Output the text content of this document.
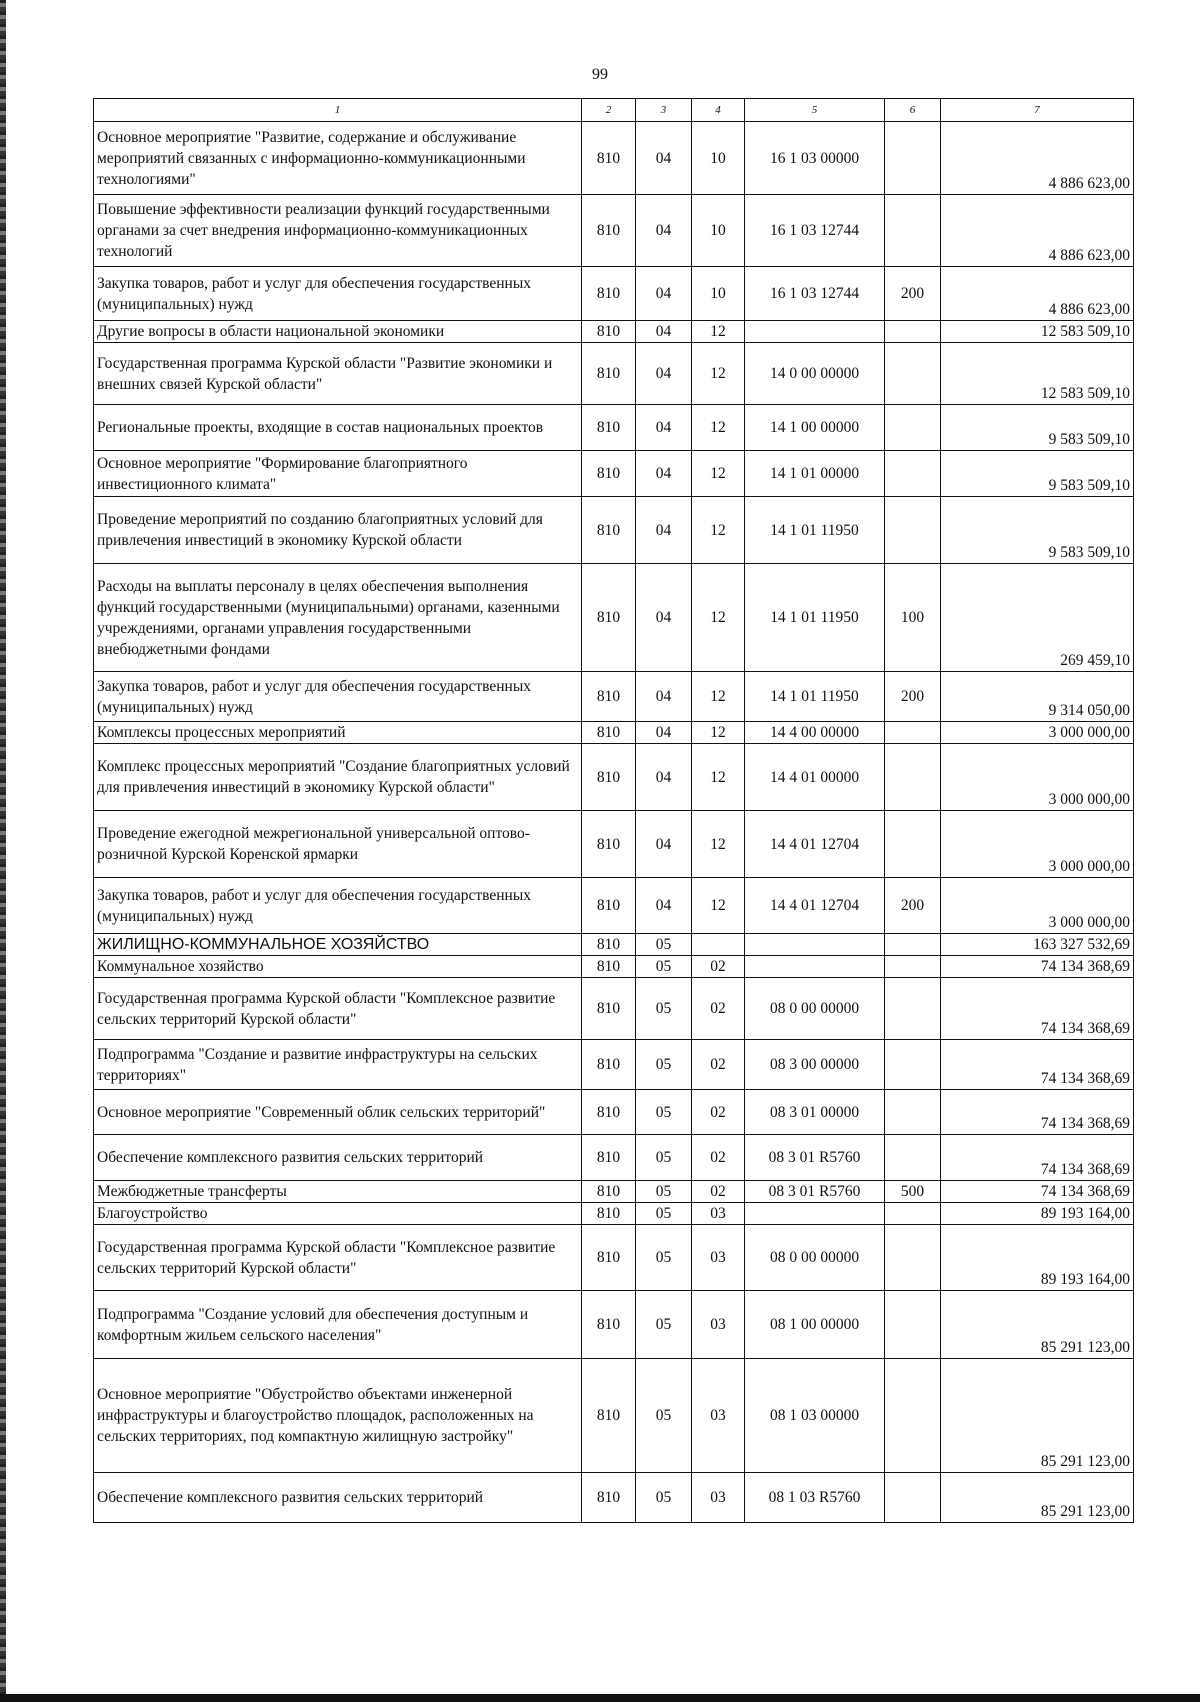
99
1	2	3	4	5	6	7
Основное мероприятие "Развитие, содержание и обслуживание мероприятий связанных с информационно-коммуникационными технологиями"	810	04	10	16 1 03 00000		4 886 623,00
Повышение эффективности реализации функций государственными органами за счет внедрения информационно-коммуникационных технологий	810	04	10	16 1 03 12744		4 886 623,00
Закупка товаров, работ и услуг для обеспечения государственных (муниципальных) нужд	810	04	10	16 1 03 12744	200	4 886 623,00
Другие вопросы в области национальной экономики	810	04	12			12 583 509,10
Государственная программа Курской области "Развитие экономики и внешних связей Курской области"	810	04	12	14 0 00 00000		12 583 509,10
Региональные проекты, входящие в состав национальных проектов	810	04	12	14 1 00 00000		9 583 509,10
Основное мероприятие "Формирование благоприятного инвестиционного климата"	810	04	12	14 1 01 00000		9 583 509,10
Проведение мероприятий по созданию благоприятных условий для привлечения инвестиций в экономику Курской области	810	04	12	14 1 01 11950		9 583 509,10
Расходы на выплаты персоналу в целях обеспечения выполнения функций государственными (муниципальными) органами, казенными учреждениями, органами управления государственными внебюджетными фондами	810	04	12	14 1 01 11950	100	269 459,10
Закупка товаров, работ и услуг для обеспечения государственных (муниципальных) нужд	810	04	12	14 1 01 11950	200	9 314 050,00
Комплексы процессных мероприятий	810	04	12	14 4 00 00000		3 000 000,00
Комплекс процессных мероприятий "Создание благоприятных условий для привлечения инвестиций в экономику Курской области"	810	04	12	14 4 01 00000		3 000 000,00
Проведение ежегодной межрегиональной универсальной оптово-розничной Курской Коренской ярмарки	810	04	12	14 4 01 12704		3 000 000,00
Закупка товаров, работ и услуг для обеспечения государственных (муниципальных) нужд	810	04	12	14 4 01 12704	200	3 000 000,00
ЖИЛИЩНО-КОММУНАЛЬНОЕ ХОЗЯЙСТВО	810	05				163 327 532,69
Коммунальное хозяйство	810	05	02			74 134 368,69
Государственная программа Курской области "Комплексное развитие сельских территорий Курской области"	810	05	02	08 0 00 00000		74 134 368,69
Подпрограмма "Создание и развитие инфраструктуры на сельских территориях"	810	05	02	08 3 00 00000		74 134 368,69
Основное мероприятие "Современный облик сельских территорий"	810	05	02	08 3 01 00000		74 134 368,69
Обеспечение комплексного развития сельских территорий	810	05	02	08 3 01 R5760		74 134 368,69
Межбюджетные трансферты	810	05	02	08 3 01 R5760	500	74 134 368,69
Благоустройство	810	05	03			89 193 164,00
Государственная программа Курской области "Комплексное развитие сельских территорий Курской области"	810	05	03	08 0 00 00000		89 193 164,00
Подпрограмма "Создание условий для обеспечения доступным и комфортным жильем сельского населения"	810	05	03	08 1 00 00000		85 291 123,00
Основное мероприятие "Обустройство объектами инженерной инфраструктуры и благоустройство площадок, расположенных на сельских территориях, под компактную жилищную застройку"	810	05	03	08 1 03 00000		85 291 123,00
Обеспечение комплексного развития сельских территорий	810	05	03	08 1 03 R5760		85 291 123,00
